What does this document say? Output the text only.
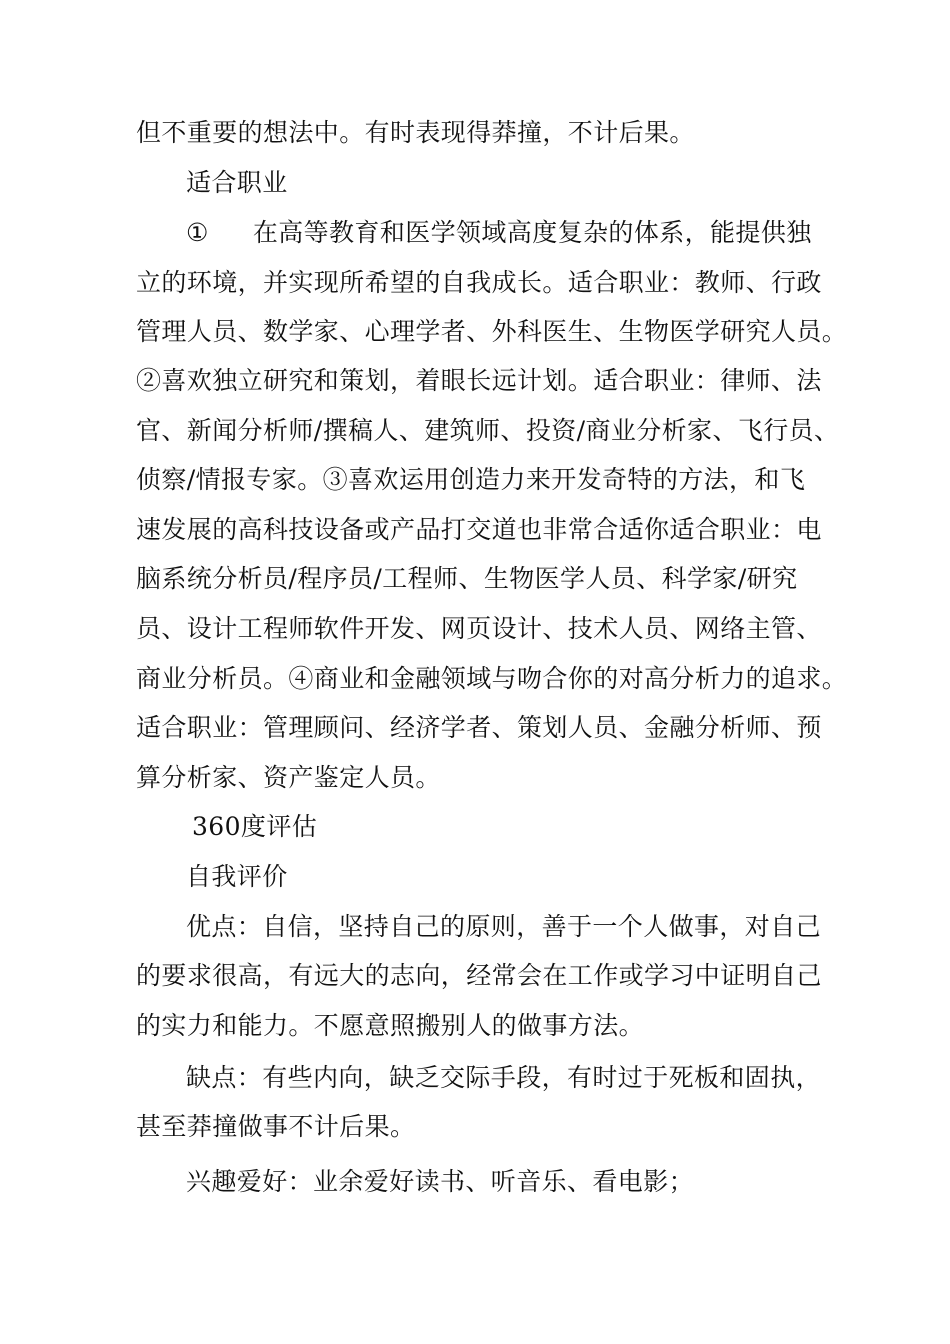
但不重要的想法中。有时表现得莽撞，不计后果。
适合职业
① 在高等教育和医学领域高度复杂的体系，能提供独
立的环境，并实现所希望的自我成长。适合职业：教师、行政
管理人员、数学家、心理学者、外科医生、生物医学研究人员。
②喜欢独立研究和策划，着眼长远计划。适合职业：律师、法
官、新闻分析师/撰稿人、建筑师、投资/商业分析家、飞行员、
侦察/情报专家。③喜欢运用创造力来开发奇特的方法，和飞
速发展的高科技设备或产品打交道也非常合适你适合职业：电
脑系统分析员/程序员/工程师、生物医学人员、科学家/研究
员、设计工程师软件开发、网页设计、技术人员、网络主管、
商业分析员。④商业和金融领域与吻合你的对高分析力的追求。
适合职业：管理顾问、经济学者、策划人员、金融分析师、预
算分析家、资产鉴定人员。
360度评估
自我评价
优点：自信，坚持自己的原则，善于一个人做事，对自己
的要求很高，有远大的志向，经常会在工作或学习中证明自己
的实力和能力。不愿意照搬别人的做事方法。
缺点：有些内向，缺乏交际手段，有时过于死板和固执，
甚至莽撞做事不计后果。
兴趣爱好：业余爱好读书、听音乐、看电影；
